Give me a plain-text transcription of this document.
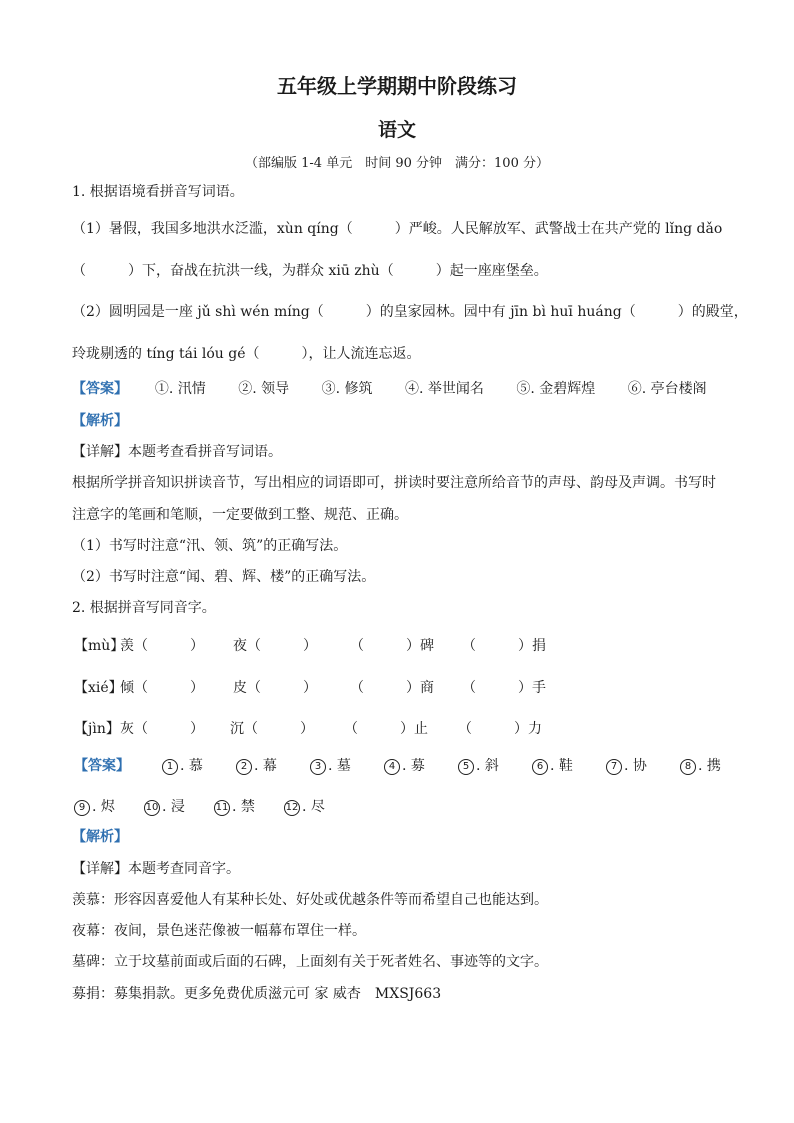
五年级上学期期中阶段练习
语文
（部编版 1-4 单元　时间 90 分钟　满分：100 分）
1. 根据语境看拼音写词语。
（1）暑假，我国多地洪水泛滥，xùn qíng（　　　）严峻。人民解放军、武警战士在共产党的 lǐng dǎo
（　　　）下，奋战在抗洪一线，为群众 xiū zhù（　　　）起一座座堡垒。
（2）圆明园是一座 jǔ shì wén míng（　　　）的皇家园林。园中有 jīn bì huī huáng（　　　）的殿堂，
玲珑剔透的 tíng tái lóu gé（　　　），让人流连忘返。
【答案】 ①. 汛情 ②. 领导 ③. 修筑 ④. 举世闻名 ⑤. 金碧辉煌 ⑥. 亭台楼阁
【解析】
【详解】本题考查看拼音写词语。
根据所学拼音知识拼读音节，写出相应的词语即可，拼读时要注意所给音节的声母、韵母及声调。书写时
注意字的笔画和笔顺，一定要做到工整、规范、正确。
（1）书写时注意“汛、领、筑”的正确写法。
（2）书写时注意“闻、碧、辉、楼”的正确写法。
2. 根据拼音写同音字。
【mù】
羡（　　　） 夜（　　　） （　　　）碑 （　　　）捐
【xié】
倾（　　　） 皮（　　　） （　　　）商 （　　　）手
【jìn】 灰（　　　） 沉（　　　） （　　　）止 （　　　）力
【答案】	1 . 慕	2 . 幕	3 . 墓	4 . 募	5 . 斜	6 . 鞋	7 . 协	8 . 携
9 . 烬	10 . 浸	11 . 禁	12 . 尽
【解析】
【详解】本题考查同音字。
羡慕：形容因喜爱他人有某种长处、好处或优越条件等而希望自己也能达到。
夜幕：夜间，景色迷茫像被一幅幕布罩住一样。
墓碑：立于坟墓前面或后面的石碑，上面刻有关于死者姓名、事迹等的文字。
募捐：募集捐款。更多免费优质滋元可 家 威杏　MXSJ663
